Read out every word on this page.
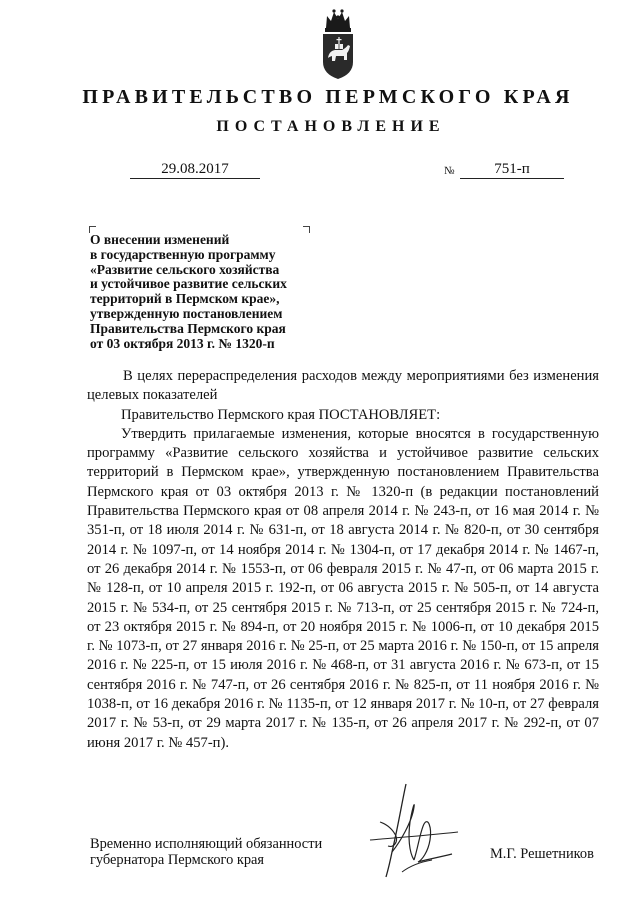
ПРАВИТЕЛЬСТВО ПЕРМСКОГО КРАЯ
ПОСТАНОВЛЕНИЕ
29.08.2017	№	751-п
О внесении изменений
в государственную программу
«Развитие сельского хозяйства
и устойчивое развитие сельских
территорий в Пермском крае»,
утвержденную постановлением
Правительства Пермского края
от 03 октября 2013 г. № 1320-п

В целях перераспределения расходов между мероприятиями без изменения целевых показателей

Правительство Пермского края ПОСТАНОВЛЯЕТ:

Утвердить прилагаемые изменения, которые вносятся в государственную программу «Развитие сельского хозяйства и устойчивое развитие сельских территорий в Пермском крае», утвержденную постановлением Правительства Пермского края от 03 октября 2013 г. № 1320-п (в редакции постановлений Правительства Пермского края от 08 апреля 2014 г. № 243-п, от 16 мая 2014 г. № 351-п, от 18 июля 2014 г. № 631-п, от 18 августа 2014 г. № 820-п, от 30 сентября 2014 г. № 1097-п, от 14 ноября 2014 г. № 1304-п, от 17 декабря 2014 г. № 1467-п, от 26 декабря 2014 г. № 1553-п, от 06 февраля 2015 г. № 47-п, от 06 марта 2015 г. № 128-п, от 10 апреля 2015 г. 192-п, от 06 августа 2015 г. № 505-п, от 14 августа 2015 г. № 534-п, от 25 сентября 2015 г. № 713-п, от 25 сентября 2015 г. № 724-п, от 23 октября 2015 г. № 894-п, от 20 ноября 2015 г. № 1006-п, от 10 декабря 2015 г. № 1073-п, от 27 января 2016 г. № 25-п, от 25 марта 2016 г. № 150-п, от 15 апреля 2016 г. № 225-п, от 15 июля 2016 г. № 468-п, от 31 августа 2016 г. № 673-п, от 15 сентября 2016 г. № 747-п, от 26 сентября 2016 г. № 825-п, от 11 ноября 2016 г. № 1038-п, от 16 декабря 2016 г. № 1135-п, от 12 января 2017 г. № 10-п, от 27 февраля 2017 г. № 53-п, от 29 марта 2017 г. № 135-п, от 26 апреля 2017 г. № 292-п, от 07 июня 2017 г. № 457-п).

Временно исполняющий обязанности
губернатора Пермского края	М.Г. Решетников
